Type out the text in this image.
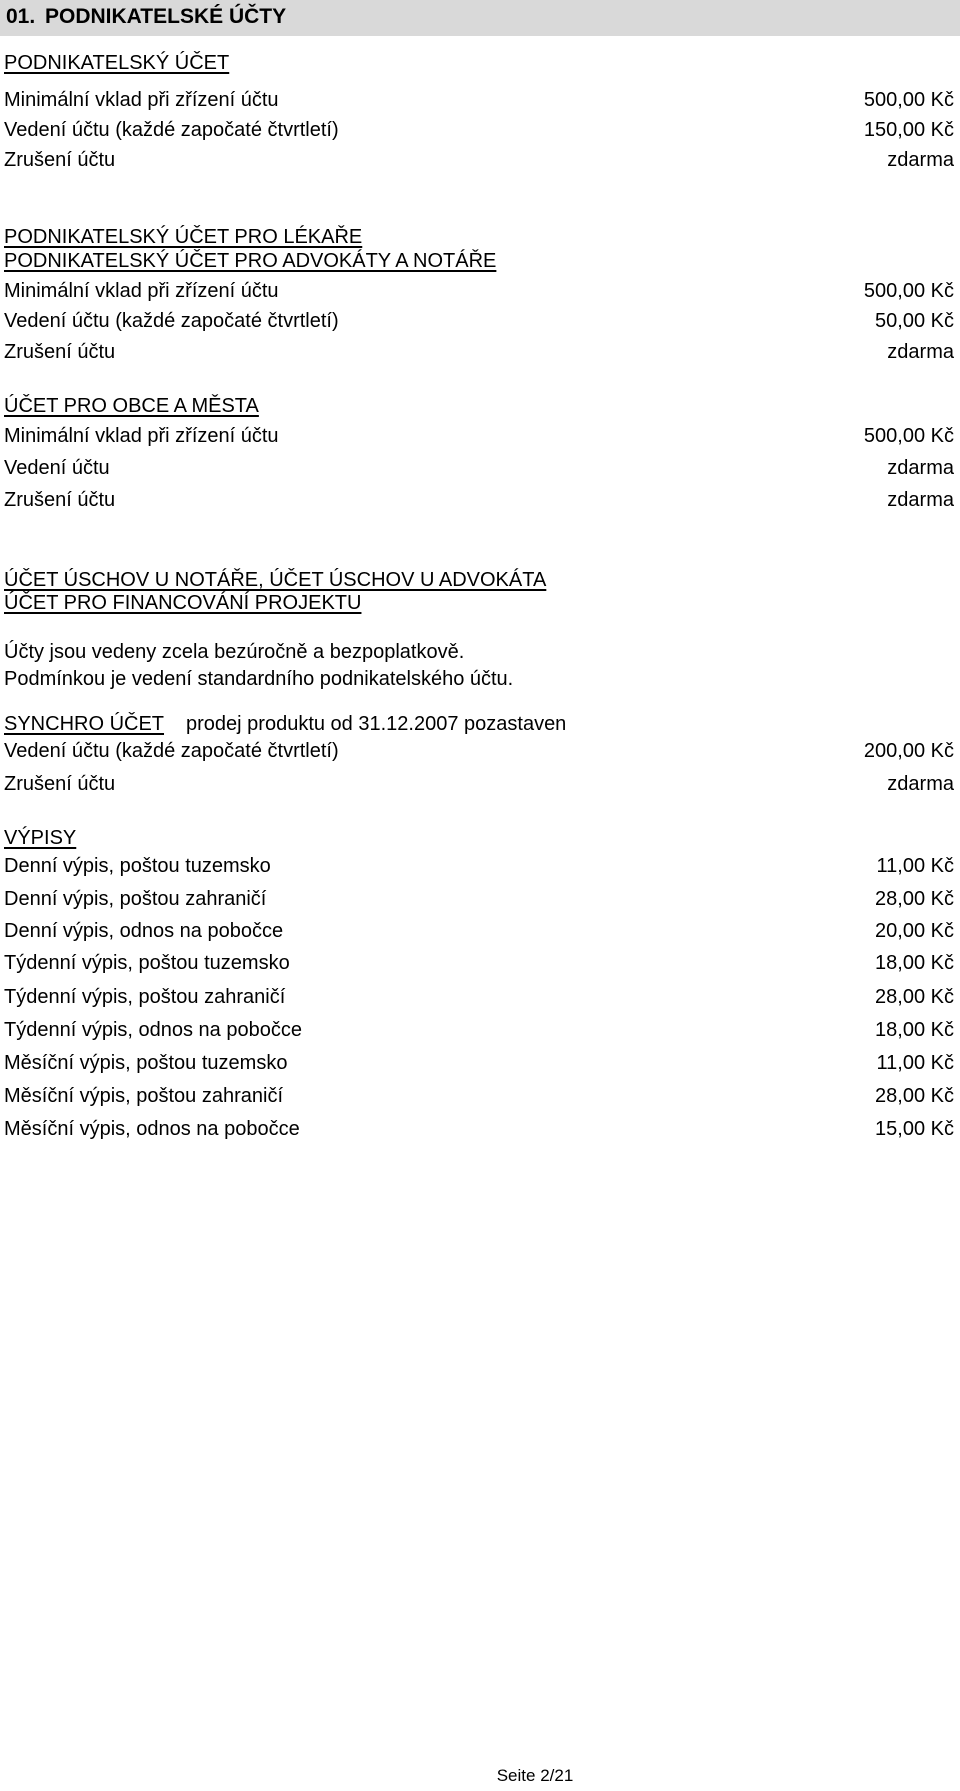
01. PODNIKATELSKÉ ÚČTY
PODNIKATELSKÝ ÚČET
Minimální vklad při zřízení účtu	500,00 Kč
Vedení účtu (každé započaté čtvrtletí)	150,00 Kč
Zrušení účtu	zdarma
PODNIKATELSKÝ ÚČET PRO LÉKAŘE
PODNIKATELSKÝ ÚČET PRO ADVOKÁTY A NOTÁŘE
Minimální vklad při zřízení účtu	500,00 Kč
Vedení účtu (každé započaté čtvrtletí)	50,00 Kč
Zrušení účtu	zdarma
ÚČET PRO OBCE A MĚSTA
Minimální vklad při zřízení účtu	500,00 Kč
Vedení účtu	zdarma
Zrušení účtu	zdarma
ÚČET ÚSCHOV U NOTÁŘE, ÚČET ÚSCHOV U ADVOKÁTA
ÚČET PRO FINANCOVÁNÍ PROJEKTU
Účty jsou vedeny zcela bezúročně a bezpoplatkově.
Podmínkou je vedení standardního podnikatelského účtu.
SYNCHRO ÚČET prodej produktu od 31.12.2007 pozastaven
Vedení účtu (každé započaté čtvrtletí)	200,00 Kč
Zrušení účtu	zdarma
VÝPISY
Denní výpis, poštou tuzemsko	11,00 Kč
Denní výpis, poštou zahraničí	28,00 Kč
Denní výpis, odnos na pobočce	20,00 Kč
Týdenní výpis, poštou tuzemsko	18,00 Kč
Týdenní výpis, poštou zahraničí	28,00 Kč
Týdenní výpis, odnos na pobočce	18,00 Kč
Měsíční výpis, poštou tuzemsko	11,00 Kč
Měsíční výpis, poštou zahraničí	28,00 Kč
Měsíční výpis, odnos na pobočce	15,00 Kč
Seite 2/21
